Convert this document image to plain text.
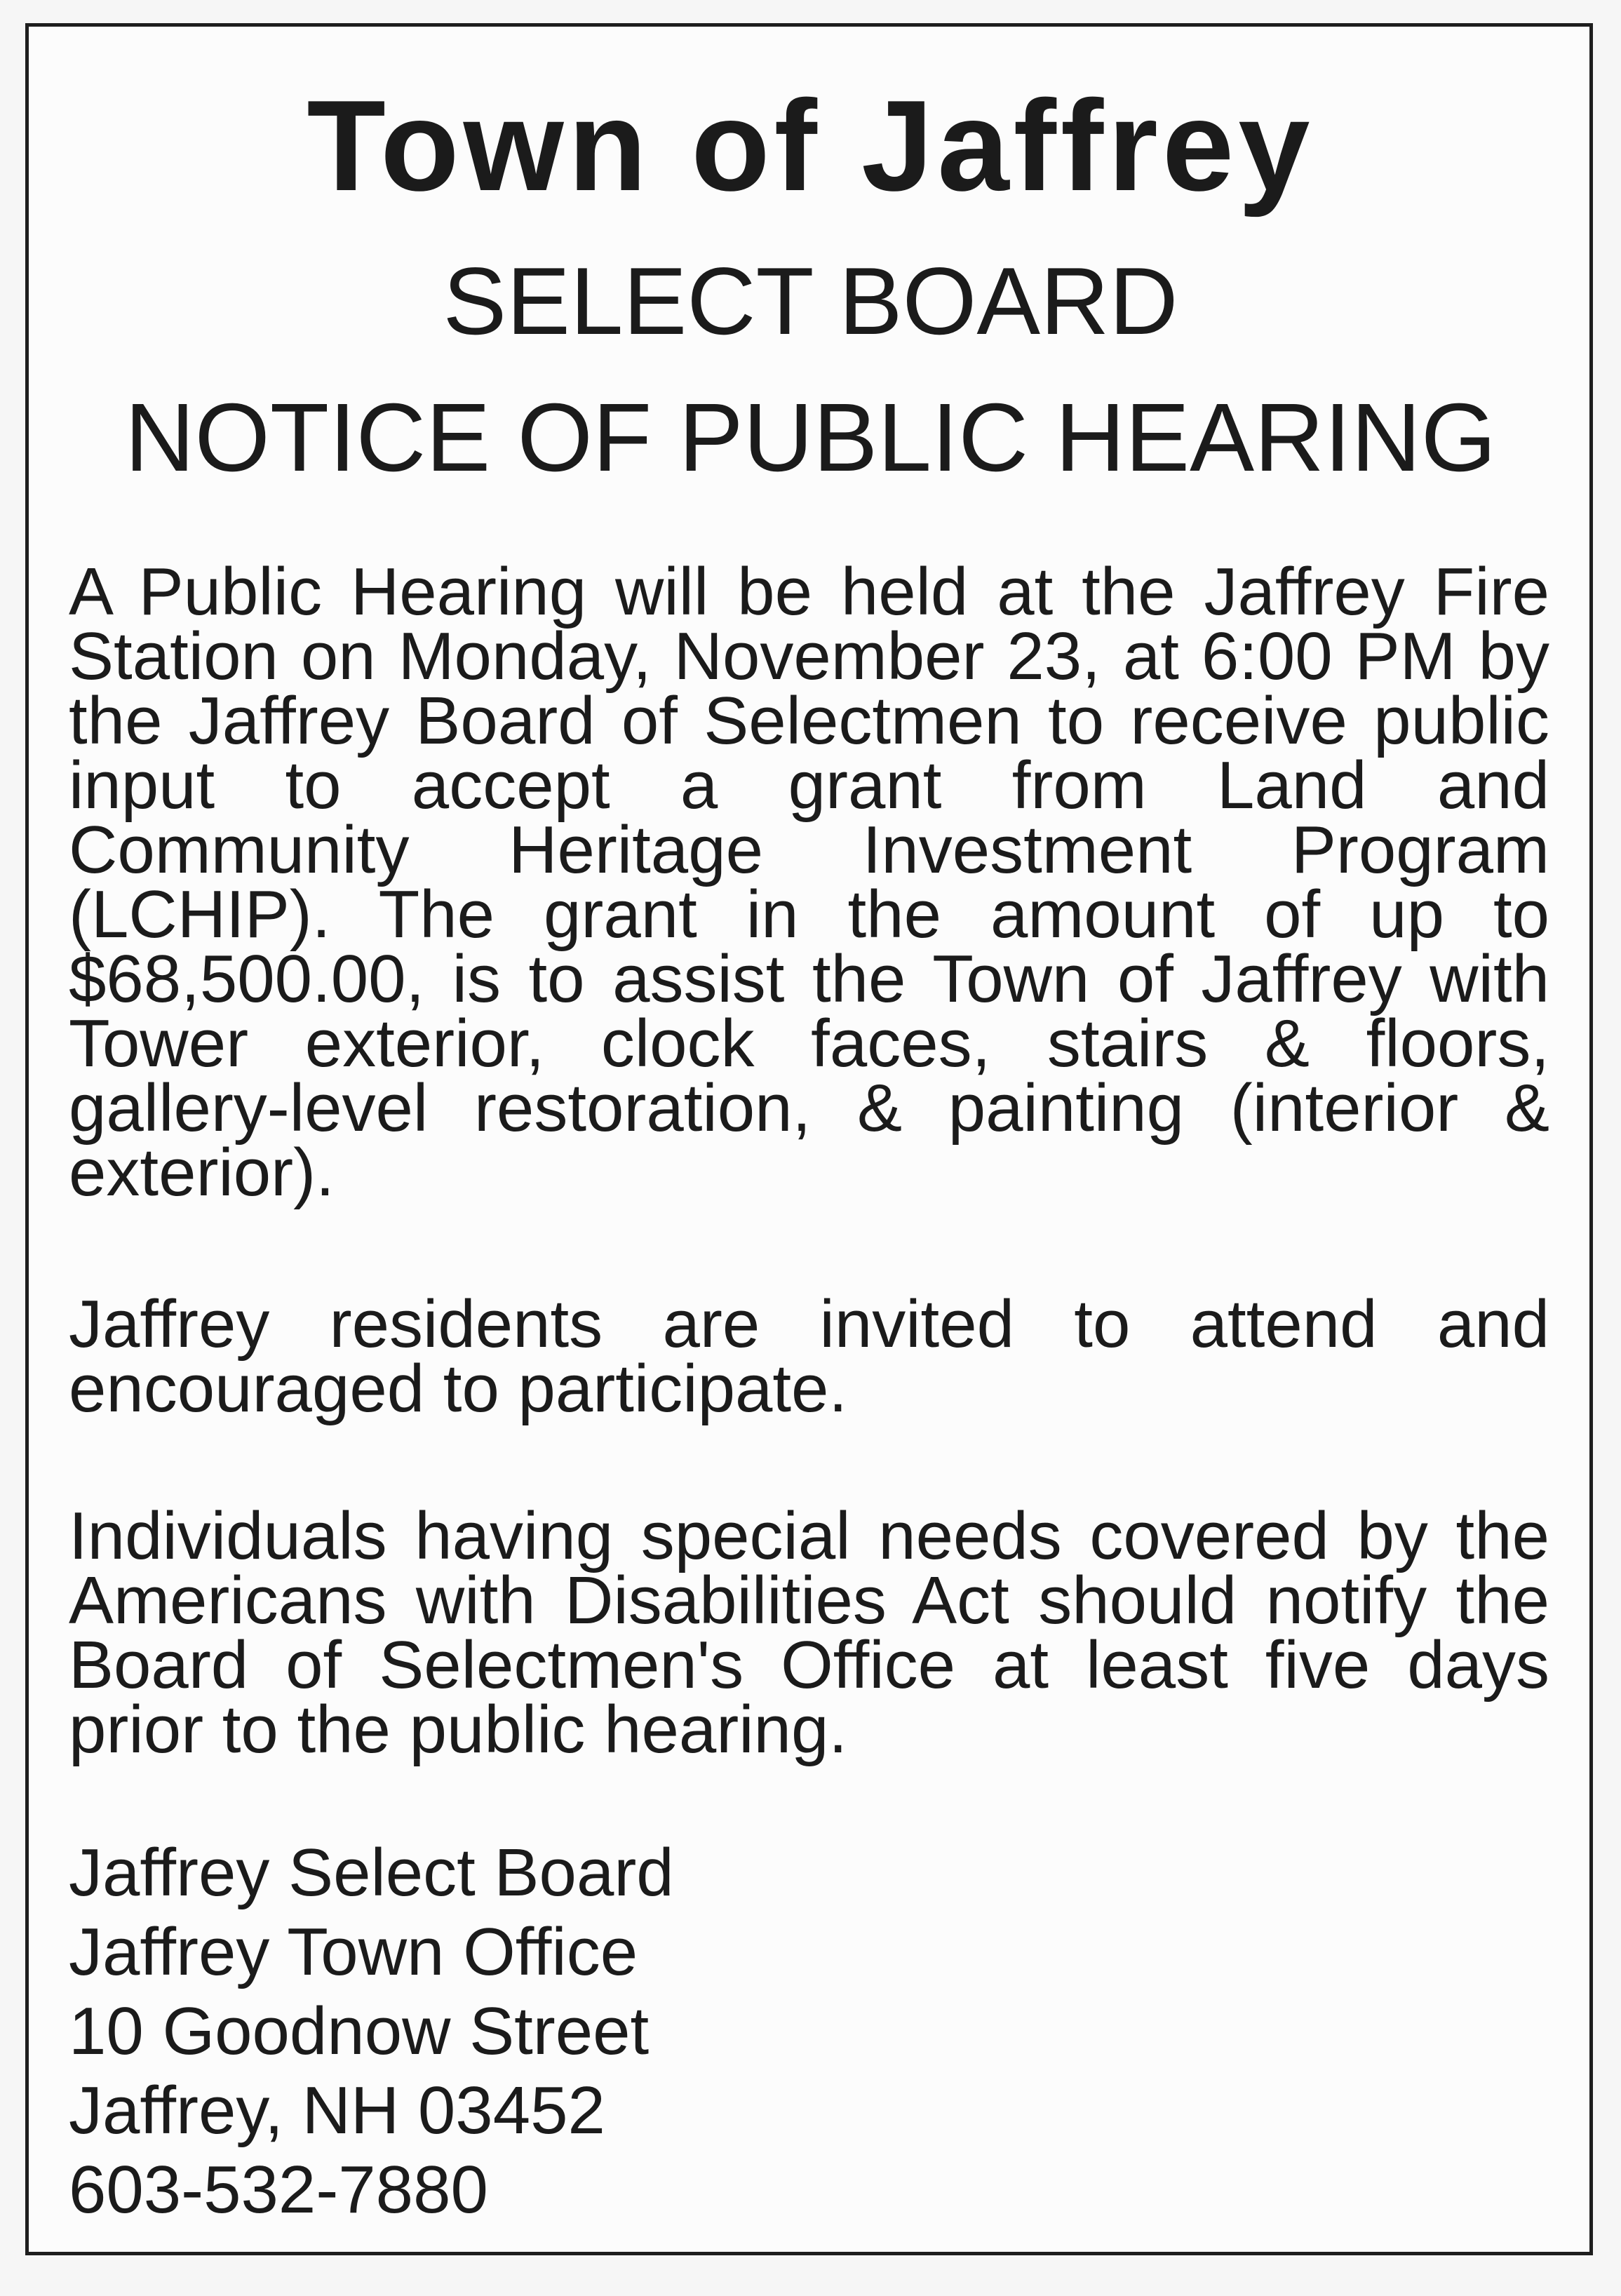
Town of Jaffrey
SELECT BOARD
NOTICE OF PUBLIC HEARING
A Public Hearing will be held at the Jaffrey Fire
Station on Monday, November 23, at 6:00 PM by
the Jaffrey Board of Selectmen to receive public
input to accept a grant from Land and
Community Heritage Investment Program
(LCHIP). The grant in the amount of up to
$68,500.00, is to assist the Town of Jaffrey with
Tower exterior, clock faces, stairs & floors,
gallery-level restoration, & painting (interior &
exterior).
Jaffrey residents are invited to attend and
encouraged to participate.
Individuals having special needs covered by the
Americans with Disabilities Act should notify the
Board of Selectmen's Office at least five days
prior to the public hearing.
Jaffrey Select Board
Jaffrey Town Office
10 Goodnow Street
Jaffrey, NH 03452
603-532-7880
